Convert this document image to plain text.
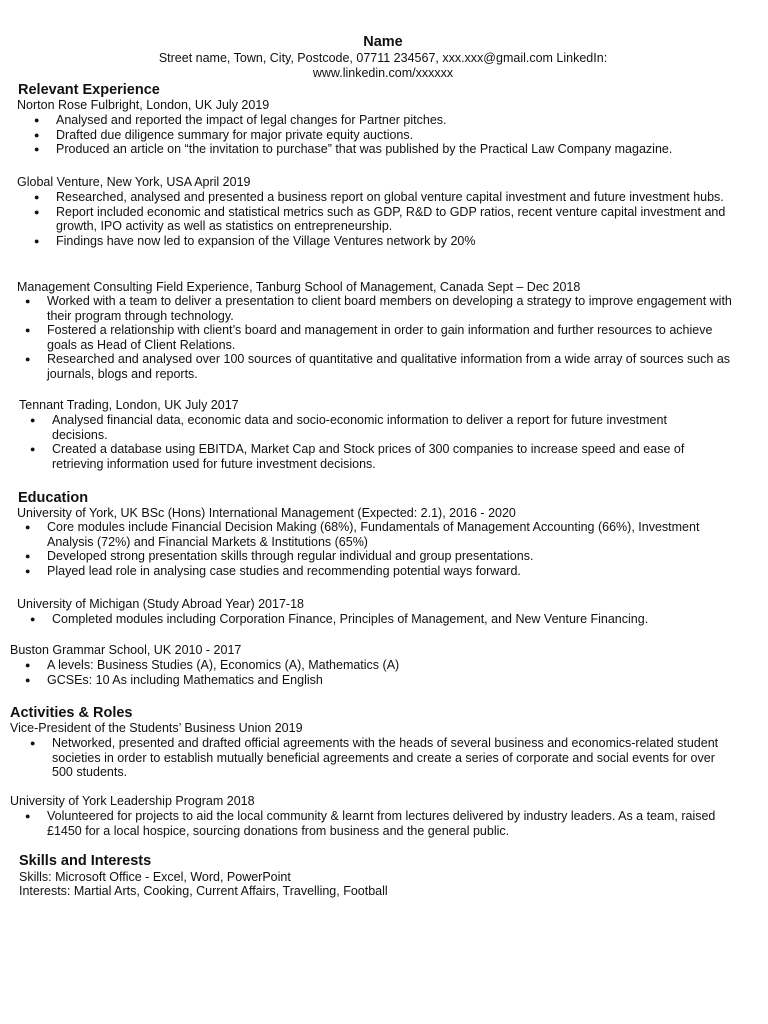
Name
Street name, Town, City, Postcode, 07711 234567, xxx.xxx@gmail.com LinkedIn:
www.linkedin.com/xxxxxx
Relevant Experience
Norton Rose Fulbright, London, UK July 2019
● Analysed and reported the impact of legal changes for Partner pitches.
● Drafted due diligence summary for major private equity auctions.
● Produced an article on “the invitation to purchase” that was published by the Practical Law Company magazine.
Global Venture, New York, USA April 2019
● Researched, analysed and presented a business report on global venture capital investment and future investment hubs.
● Report included economic and statistical metrics such as GDP, R&D to GDP ratios, recent venture capital investment and growth, IPO activity as well as statistics on entrepreneurship.
● Findings have now led to expansion of the Village Ventures network by 20%
Management Consulting Field Experience, Tanburg School of Management, Canada Sept – Dec 2018
● Worked with a team to deliver a presentation to client board members on developing a strategy to improve engagement with their program through technology.
● Fostered a relationship with client’s board and management in order to gain information and further resources to achieve goals as Head of Client Relations.
● Researched and analysed over 100 sources of quantitative and qualitative information from a wide array of sources such as journals, blogs and reports.
Tennant Trading, London, UK July 2017
● Analysed financial data, economic data and socio-economic information to deliver a report for future investment decisions.
● Created a database using EBITDA, Market Cap and Stock prices of 300 companies to increase speed and ease of retrieving information used for future investment decisions.
Education
University of York, UK BSc (Hons) International Management (Expected: 2.1), 2016 - 2020
● Core modules include Financial Decision Making (68%), Fundamentals of Management Accounting (66%), Investment Analysis (72%) and Financial Markets & Institutions (65%)
● Developed strong presentation skills through regular individual and group presentations.
● Played lead role in analysing case studies and recommending potential ways forward.
University of Michigan (Study Abroad Year) 2017-18
● Completed modules including Corporation Finance, Principles of Management, and New Venture Financing.
Buston Grammar School, UK 2010 - 2017
● A levels: Business Studies (A), Economics (A), Mathematics (A)
● GCSEs: 10 As including Mathematics and English
Activities & Roles
Vice-President of the Students’ Business Union 2019
● Networked, presented and drafted official agreements with the heads of several business and economics-related student societies in order to establish mutually beneficial agreements and create a series of corporate and social events for over 500 students.
University of York Leadership Program 2018
● Volunteered for projects to aid the local community & learnt from lectures delivered by industry leaders. As a team, raised £1450 for a local hospice, sourcing donations from business and the general public.
Skills and Interests
Skills: Microsoft Office - Excel, Word, PowerPoint
Interests: Martial Arts, Cooking, Current Affairs, Travelling, Football
